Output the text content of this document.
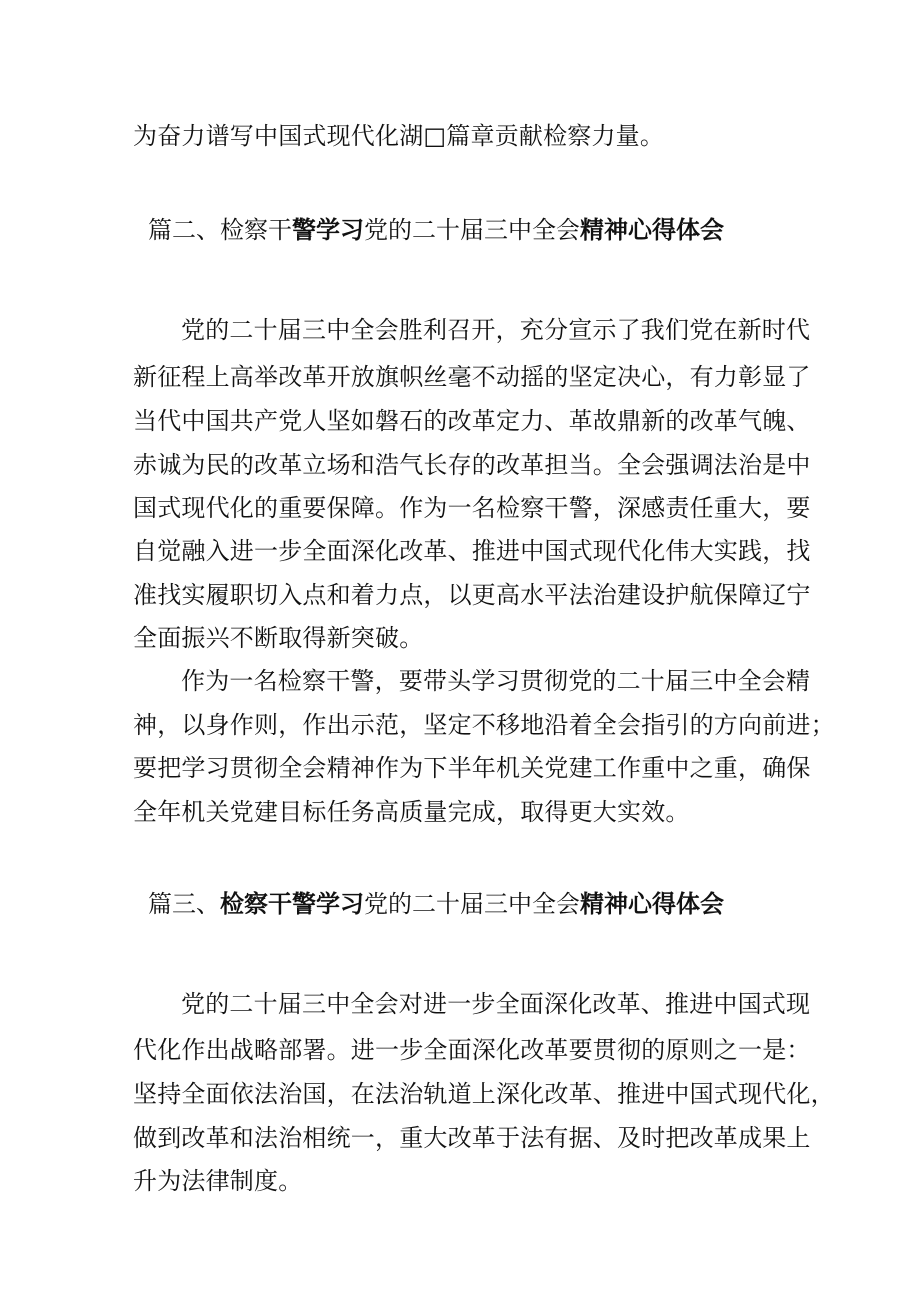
为奋力谱写中国式现代化湖□篇章贡献检察力量。
篇二、检察干警学习党的二十届三中全会精神心得体会
党的二十届三中全会胜利召开，充分宣示了我们党在新时代
新征程上高举改革开放旗帜丝毫不动摇的坚定决心，有力彰显了
当代中国共产党人坚如磐石的改革定力、革故鼎新的改革气魄、
赤诚为民的改革立场和浩气长存的改革担当。全会强调法治是中
国式现代化的重要保障。作为一名检察干警，深感责任重大，要
自觉融入进一步全面深化改革、推进中国式现代化伟大实践，找
准找实履职切入点和着力点，以更高水平法治建设护航保障辽宁
全面振兴不断取得新突破。
作为一名检察干警，要带头学习贯彻党的二十届三中全会精
神，以身作则，作出示范，坚定不移地沿着全会指引的方向前进；
要把学习贯彻全会精神作为下半年机关党建工作重中之重，确保
全年机关党建目标任务高质量完成，取得更大实效。
篇三、检察干警学习党的二十届三中全会精神心得体会
党的二十届三中全会对进一步全面深化改革、推进中国式现
代化作出战略部署。进一步全面深化改革要贯彻的原则之一是：
坚持全面依法治国，在法治轨道上深化改革、推进中国式现代化，
做到改革和法治相统一，重大改革于法有据、及时把改革成果上
升为法律制度。
